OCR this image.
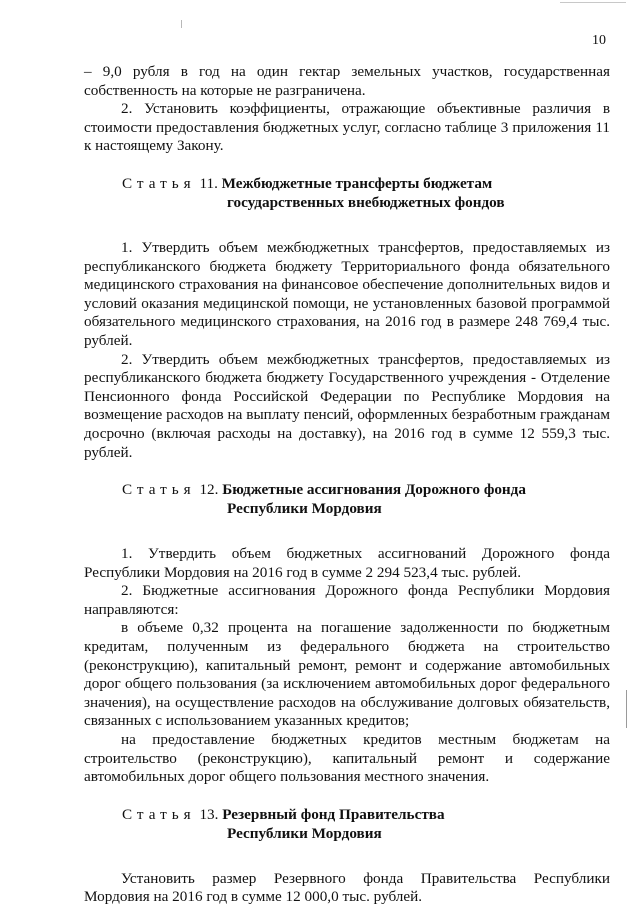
10

– 9,0 рубля в год на один гектар земельных участков, государственная собственность на которые не разграничена.

2. Установить коэффициенты, отражающие объективные различия в стоимости предоставления бюджетных услуг, согласно таблице 3 приложения 11 к настоящему Закону.

Статья 11. Межбюджетные трансферты бюджетам
государственных внебюджетных фондов

1. Утвердить объем межбюджетных трансфертов, предоставляемых из республиканского бюджета бюджету Территориального фонда обязательного медицинского страхования на финансовое обеспечение дополнительных видов и условий оказания медицинской помощи, не установленных базовой программой обязательного медицинского страхования, на 2016 год в размере 248 769,4 тыс. рублей.

2. Утвердить объем межбюджетных трансфертов, предоставляемых из республиканского бюджета бюджету Государственного учреждения - Отделение Пенсионного фонда Российской Федерации по Республике Мордовия на возмещение расходов на выплату пенсий, оформленных безработным гражданам досрочно (включая расходы на доставку), на 2016 год в сумме 12 559,3 тыс. рублей.

Статья 12. Бюджетные ассигнования Дорожного фонда
Республики Мордовия

1. Утвердить объем бюджетных ассигнований Дорожного фонда Республики Мордовия на 2016 год в сумме 2 294 523,4 тыс. рублей.

2. Бюджетные ассигнования Дорожного фонда Республики Мордовия направляются:

в объеме 0,32 процента на погашение задолженности по бюджетным кредитам, полученным из федерального бюджета на строительство (реконструкцию), капитальный ремонт, ремонт и содержание автомобильных дорог общего пользования (за исключением автомобильных дорог федерального значения), на осуществление расходов на обслуживание долговых обязательств, связанных с использованием указанных кредитов;

на предоставление бюджетных кредитов местным бюджетам на строительство (реконструкцию), капитальный ремонт и содержание автомобильных дорог общего пользования местного значения.

Статья 13. Резервный фонд Правительства
Республики Мордовия

Установить размер Резервного фонда Правительства Республики Мордовия на 2016 год в сумме 12 000,0 тыс. рублей.
